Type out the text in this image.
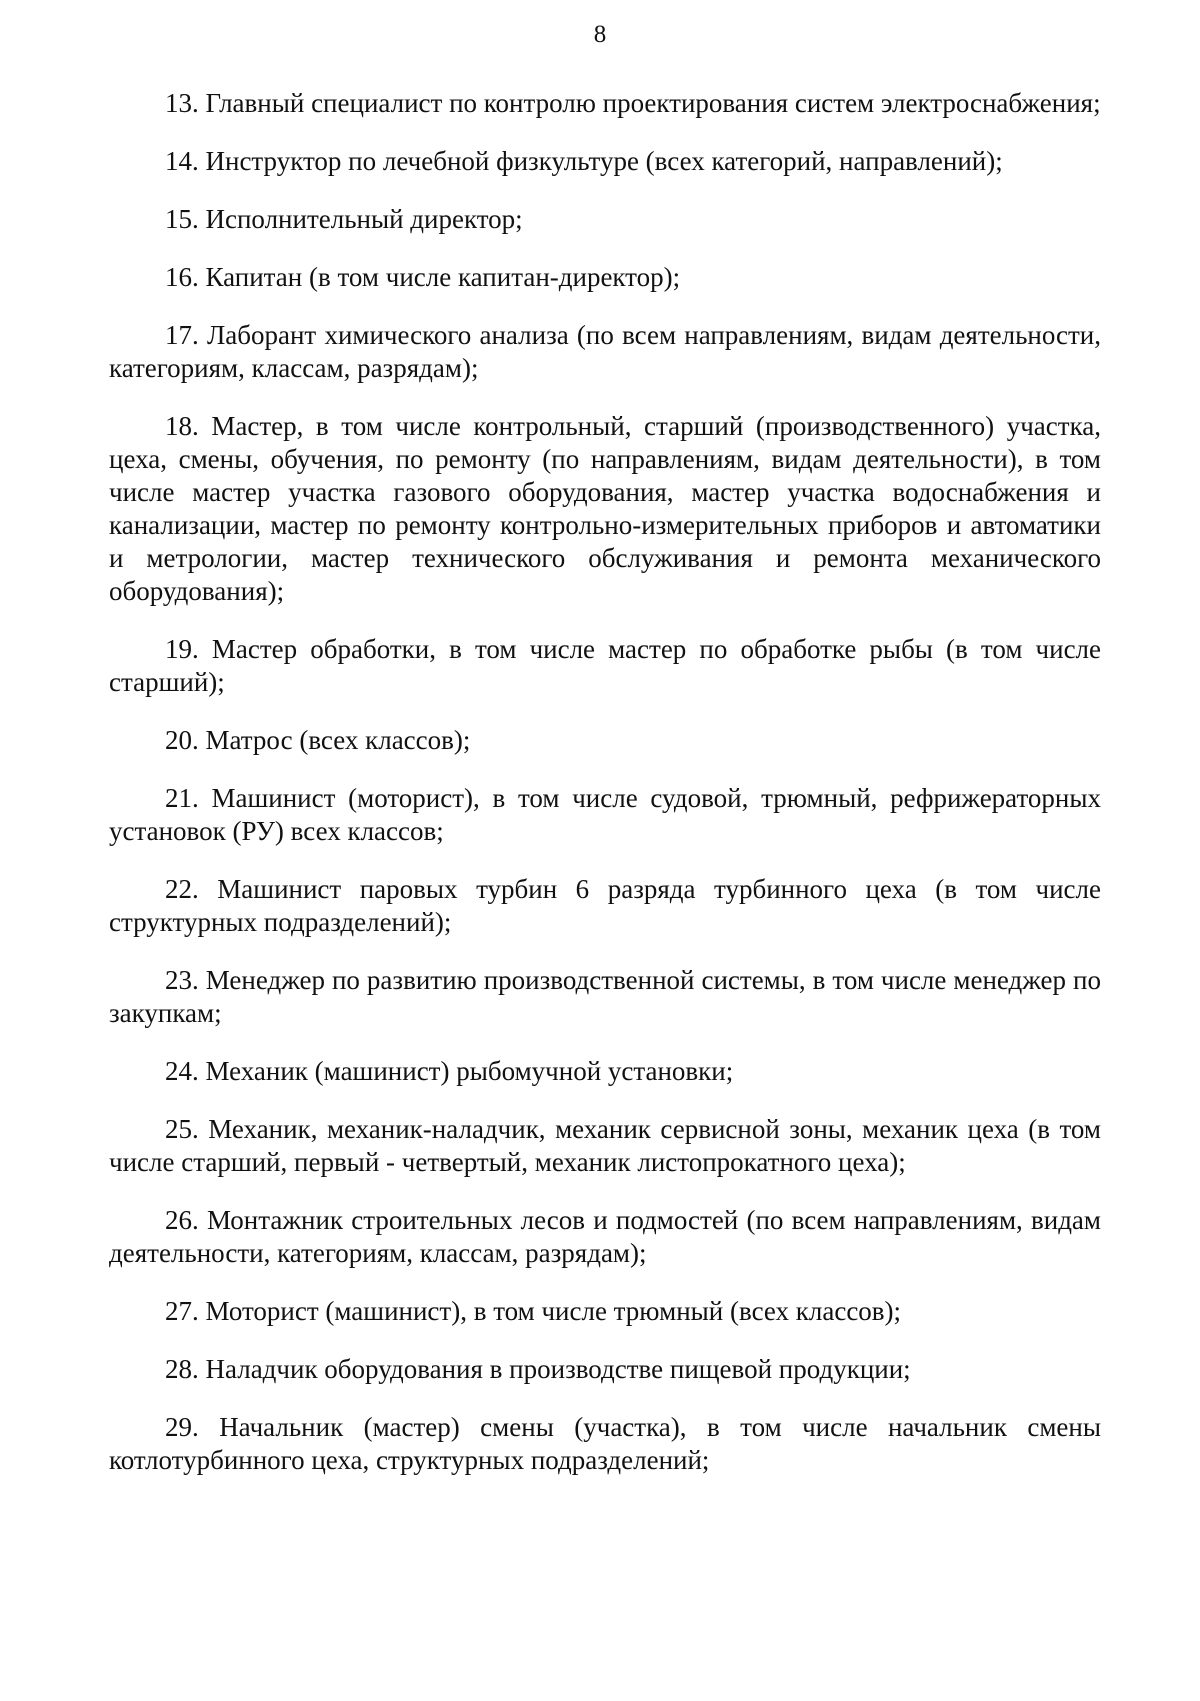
8

13. Главный специалист по контролю проектирования систем электроснабжения;

14. Инструктор по лечебной физкультуре (всех категорий, направлений);

15. Исполнительный директор;

16. Капитан (в том числе капитан-директор);

17. Лаборант химического анализа (по всем направлениям, видам деятельности, категориям, классам, разрядам);

18. Мастер, в том числе контрольный, старший (производственного) участка, цеха, смены, обучения, по ремонту (по направлениям, видам деятельности), в том числе мастер участка газового оборудования, мастер участка водоснабжения и канализации, мастер по ремонту контрольно-измерительных приборов и автоматики и метрологии, мастер технического обслуживания и ремонта механического оборудования);

19. Мастер обработки, в том числе мастер по обработке рыбы (в том числе старший);

20. Матрос (всех классов);

21. Машинист (моторист), в том числе судовой, трюмный, рефрижераторных установок (РУ) всех классов;

22. Машинист паровых турбин 6 разряда турбинного цеха (в том числе структурных подразделений);

23. Менеджер по развитию производственной системы, в том числе менеджер по закупкам;

24. Механик (машинист) рыбомучной установки;

25. Механик, механик-наладчик, механик сервисной зоны, механик цеха (в том числе старший, первый - четвертый, механик листопрокатного цеха);

26. Монтажник строительных лесов и подмостей (по всем направлениям, видам деятельности, категориям, классам, разрядам);

27. Моторист (машинист), в том числе трюмный (всех классов);

28. Наладчик оборудования в производстве пищевой продукции;

29. Начальник (мастер) смены (участка), в том числе начальник смены котлотурбинного цеха, структурных подразделений;
